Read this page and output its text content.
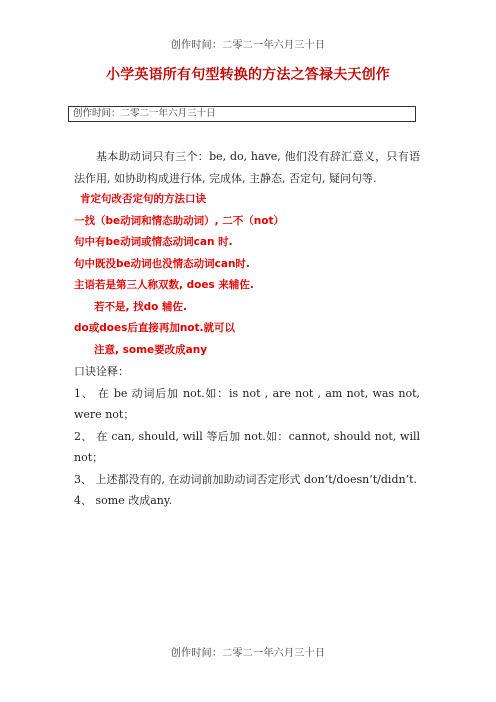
创作时间：二零二一年六月三十日
小学英语所有句型转换的方法之答禄夫天创作
创作时间：二零二一年六月三十日

基本助动词只有三个：be, do, have, 他们没有辞汇意义，只有语法作用, 如协助构成进行体, 完成体, 主静态, 否定句, 疑问句等.

肯定句改否定句的方法口诀

一找（be动词和情态助动词）, 二不（not）

句中有be动词或情态动词can 时.

句中既没be动词也没情态动词can时.

主语若是第三人称双数, does 来辅佐.

若不是, 找do 辅佐.

do或does后直接再加not.就可以

注意, some要改成any

口诀诠释：

1、 在 be 动词后加 not.如：is not , are not , am not, was not, were not；

2、 在 can, should, will 等后加 not.如：cannot, should not, will not；

3、 上述都没有的, 在动词前加助动词否定形式 don’t/doesn’t/didn’t.

4、 some 改成any.

创作时间：二零二一年六月三十日
